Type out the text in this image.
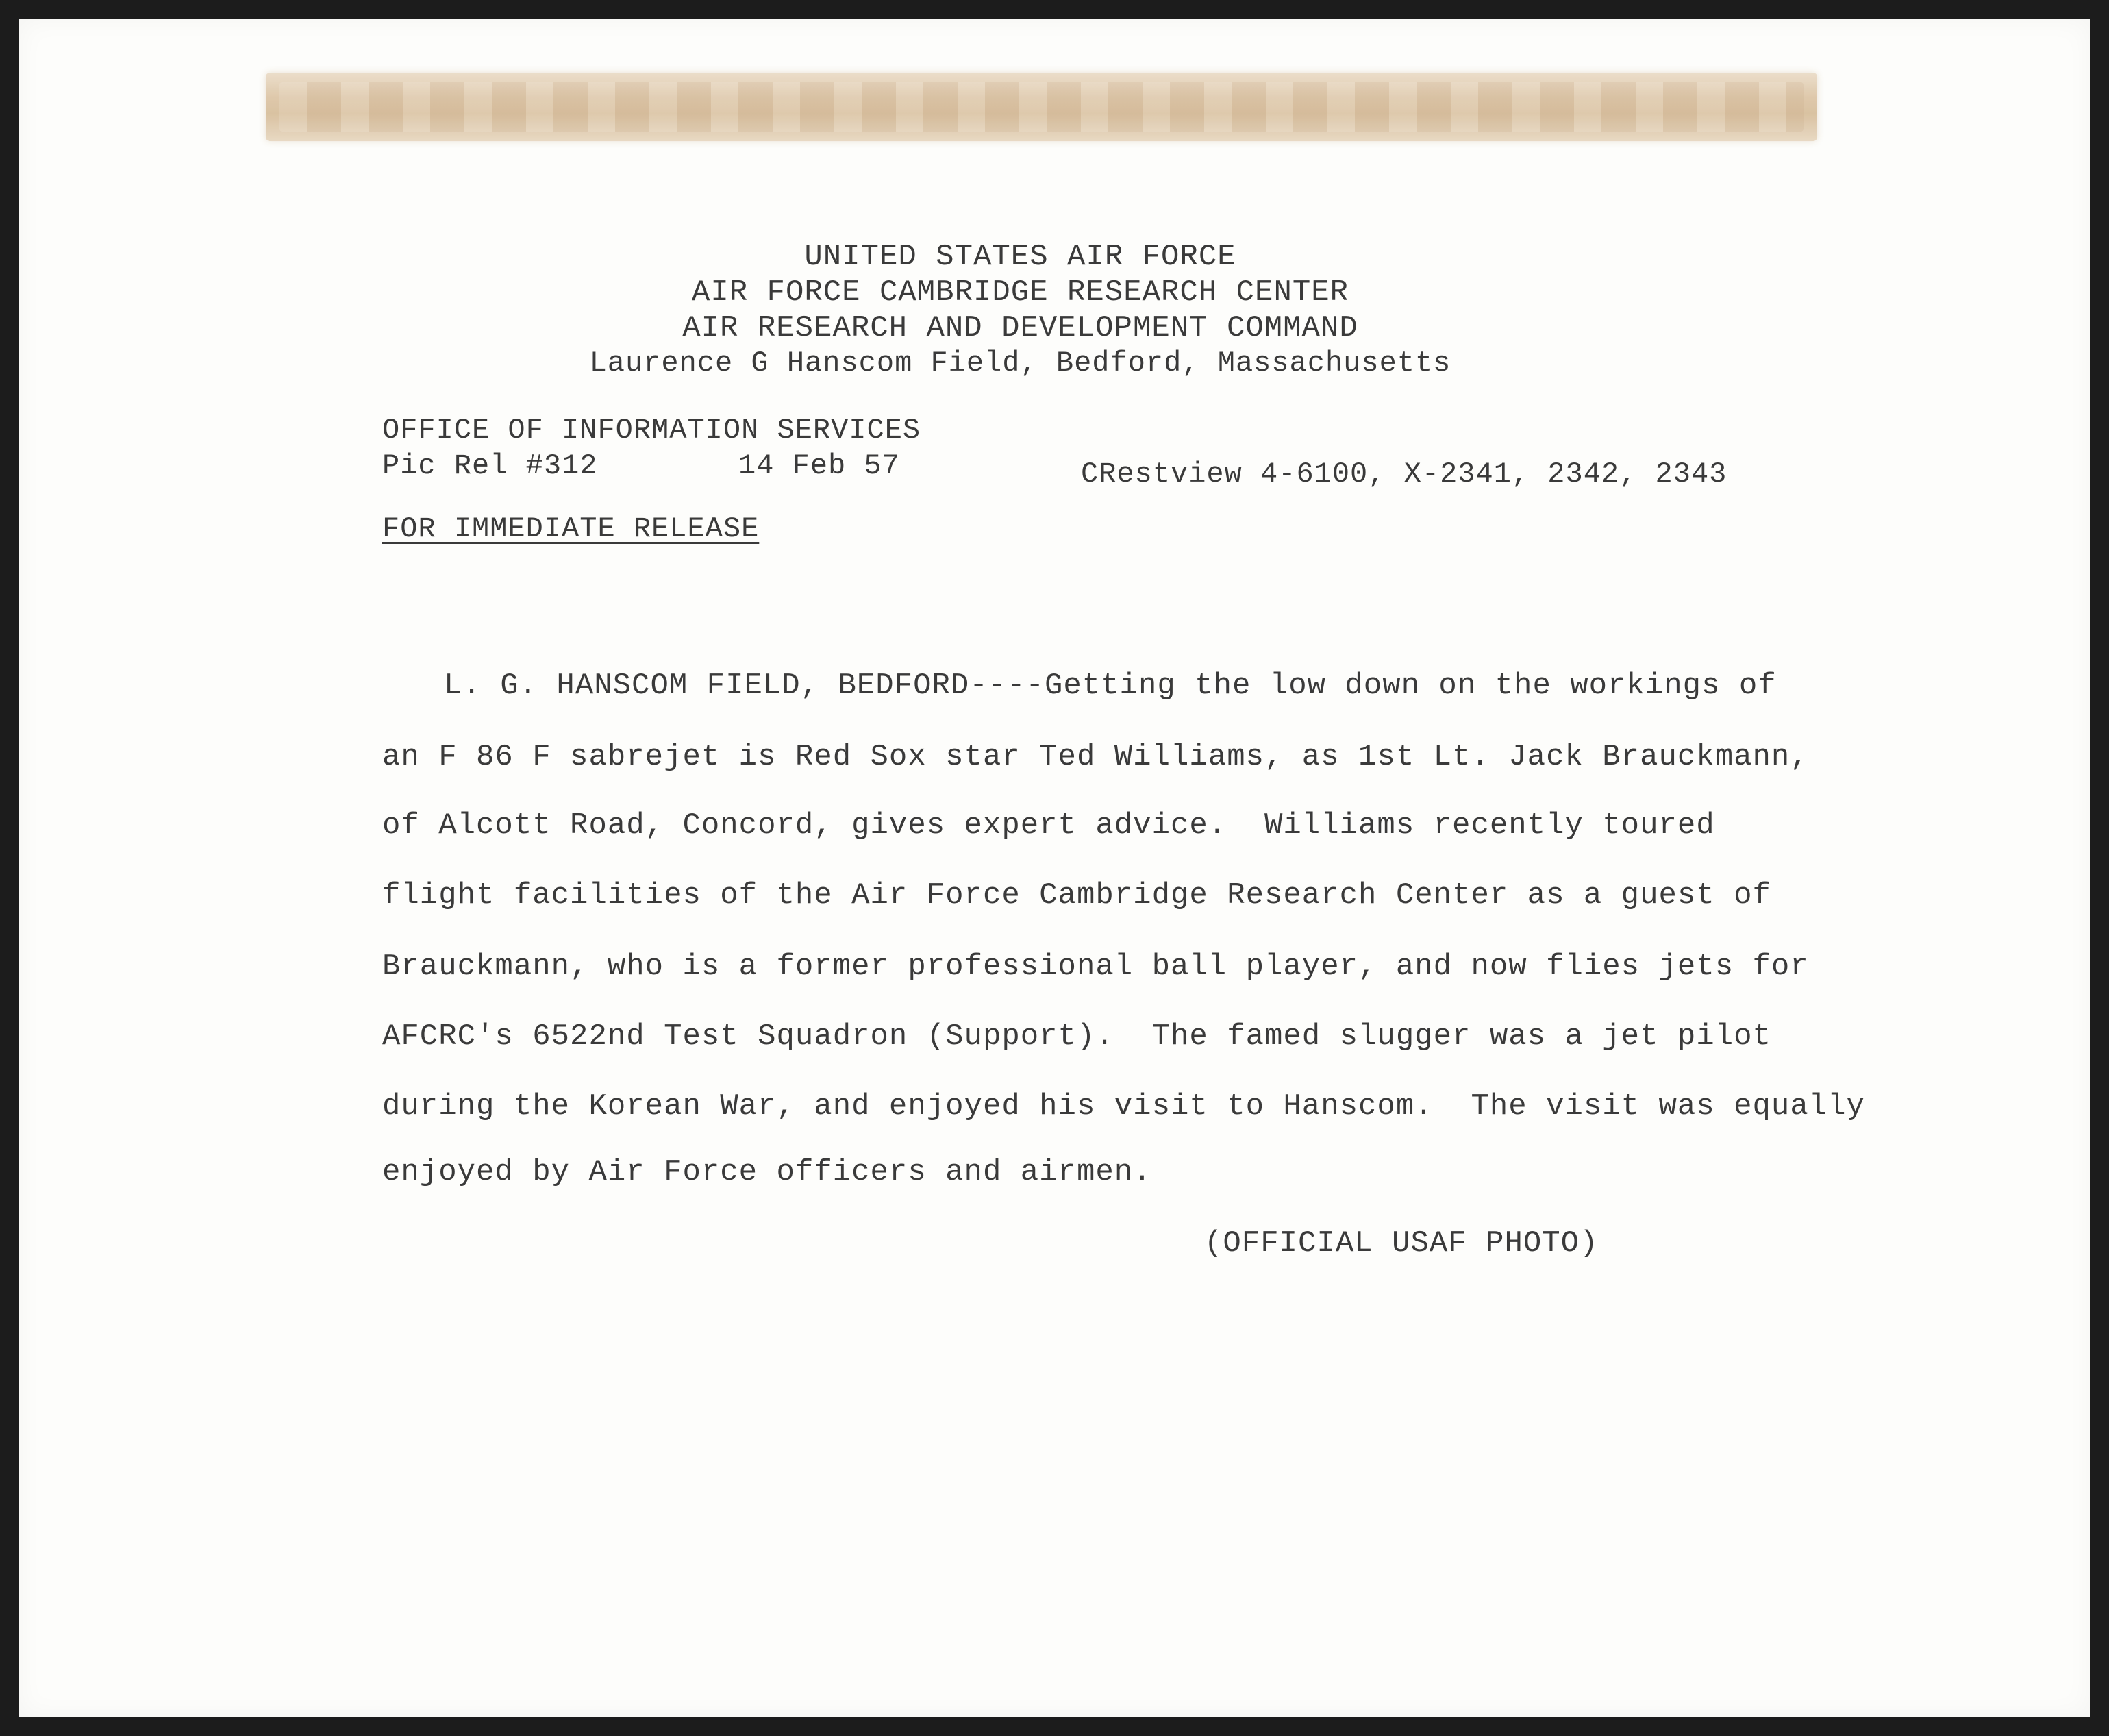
UNITED STATES AIR FORCE
AIR FORCE CAMBRIDGE RESEARCH CENTER
AIR RESEARCH AND DEVELOPMENT COMMAND
Laurence G Hanscom Field, Bedford, Massachusetts
OFFICE OF INFORMATION SERVICES
Pic Rel #312	14 Feb 57	CRestview 4-6100, X-2341, 2342, 2343
FOR IMMEDIATE RELEASE
L. G. HANSCOM FIELD, BEDFORD----Getting the low down on the workings of
an F 86 F sabrejet is Red Sox star Ted Williams, as 1st Lt. Jack Brauckmann,
of Alcott Road, Concord, gives expert advice.  Williams recently toured
flight facilities of the Air Force Cambridge Research Center as a guest of
Brauckmann, who is a former professional ball player, and now flies jets for
AFCRC's 6522nd Test Squadron (Support).  The famed slugger was a jet pilot
during the Korean War, and enjoyed his visit to Hanscom.  The visit was equally
enjoyed by Air Force officers and airmen.
(OFFICIAL USAF PHOTO)
